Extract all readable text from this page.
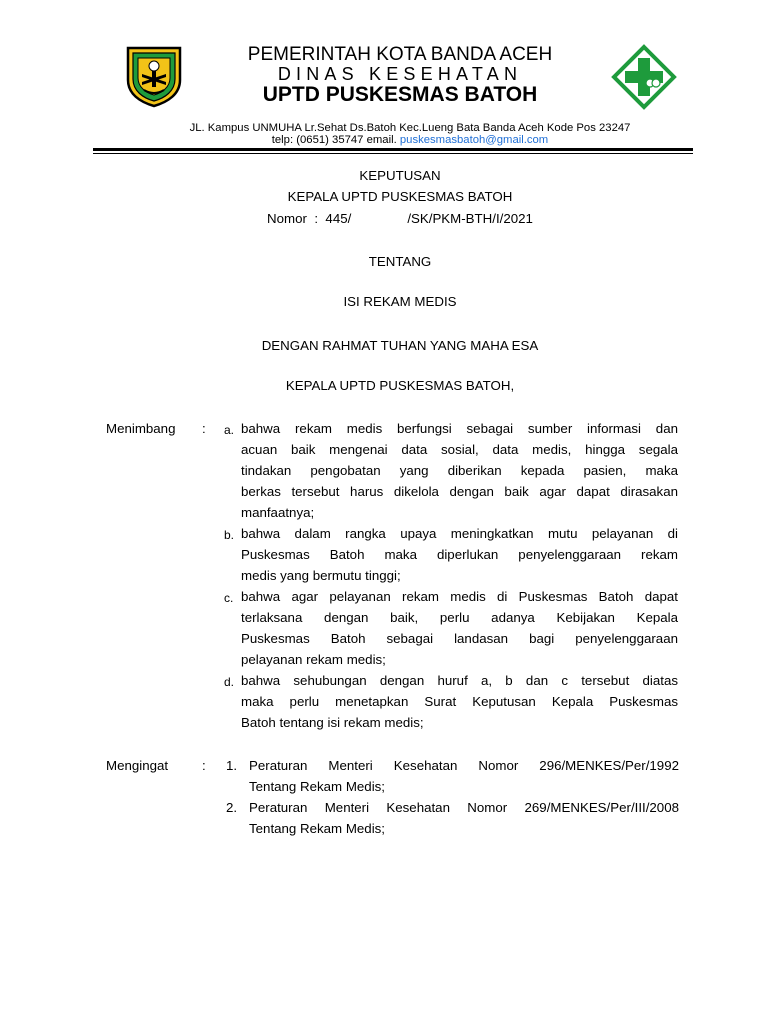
PEMERINTAH KOTA BANDA ACEH
DINAS KESEHATAN
UPTD PUSKESMAS BATOH
JL. Kampus UNMUHA Lr.Sehat Ds.Batoh Kec.Lueng Bata Banda Aceh Kode Pos 23247
telp: (0651) 35747 email. puskesmasbatoh@gmail.com
KEPUTUSAN
KEPALA UPTD PUSKESMAS BATOH
Nomor : 445/	/SK/PKM-BTH/I/2021
TENTANG
ISI REKAM MEDIS
DENGAN RAHMAT TUHAN YANG MAHA ESA
KEPALA UPTD PUSKESMAS BATOH,
Menimbang : a. bahwa rekam medis berfungsi sebagai sumber informasi dan
acuan baik mengenai data sosial, data medis, hingga segala
tindakan pengobatan yang diberikan kepada pasien, maka
berkas tersebut harus dikelola dengan baik agar dapat dirasakan
manfaatnya;
b. bahwa dalam rangka upaya meningkatkan mutu pelayanan di
Puskesmas Batoh maka diperlukan penyelenggaraan rekam
medis yang bermutu tinggi;
c. bahwa agar pelayanan rekam medis di Puskesmas Batoh dapat
terlaksana dengan baik, perlu adanya Kebijakan Kepala
Puskesmas Batoh sebagai landasan bagi penyelenggaraan
pelayanan rekam medis;
d. bahwa sehubungan dengan huruf a, b dan c tersebut diatas
maka perlu menetapkan Surat Keputusan Kepala Puskesmas
Batoh tentang isi rekam medis;
Mengingat	: 1. Peraturan Menteri Kesehatan Nomor 296/MENKES/Per/1992
Tentang Rekam Medis;
2. Peraturan Menteri Kesehatan Nomor 269/MENKES/Per/III/2008
Tentang Rekam Medis;
